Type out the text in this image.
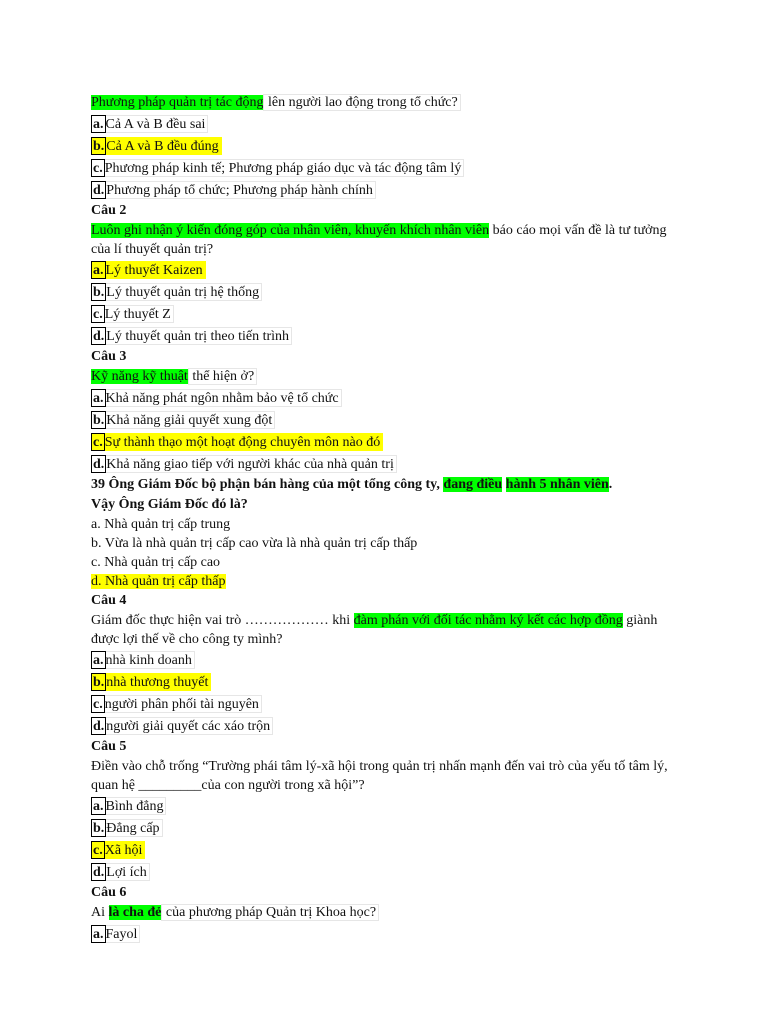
Phương pháp quản trị tác động lên người lao động trong tổ chức?
a. Cả A và B đều sai
b. Cả A và B đều đúng
c. Phương pháp kinh tế; Phương pháp giáo dục và tác động tâm lý
d. Phương pháp tổ chức; Phương pháp hành chính
Câu 2
Luôn ghi nhận ý kiến đóng góp của nhân viên, khuyến khích nhân viên báo cáo mọi vấn đề là tư tưởng của lí thuyết quản trị?
a. Lý thuyết Kaizen
b. Lý thuyết quản trị hệ thống
c. Lý thuyết Z
d. Lý thuyết quản trị theo tiến trình
Câu 3
Kỹ năng kỹ thuật thể hiện ở?
a. Khả năng phát ngôn nhằm bảo vệ tổ chức
b. Khả năng giải quyết xung đột
c. Sự thành thạo một hoạt động chuyên môn nào đó
d. Khả năng giao tiếp với người khác của nhà quản trị
39 Ông Giám Đốc bộ phận bán hàng của một tổng công ty, đang điều hành 5 nhân viên.
Vậy Ông Giám Đốc đó là?
a. Nhà quản trị cấp trung
b. Vừa là nhà quản trị cấp cao vừa là nhà quản trị cấp thấp
c. Nhà quản trị cấp cao
d. Nhà quản trị cấp thấp
Câu 4
Giám đốc thực hiện vai trò ……………… khi đàm phán với đối tác nhằm ký kết các hợp đồng giành được lợi thế về cho công ty mình?
a. nhà kinh doanh
b. nhà thương thuyết
c. người phân phối tài nguyên
d. người giải quyết các xáo trộn
Câu 5
Điền vào chỗ trống “Trường phái tâm lý-xã hội trong quản trị nhấn mạnh đến vai trò của yếu tố tâm lý, quan hệ _________của con người trong xã hội”?
a. Bình đẳng
b. Đẳng cấp
c. Xã hội
d. Lợi ích
Câu 6
Ai là cha đẻ của phương pháp Quản trị Khoa học?
a. Fayol
